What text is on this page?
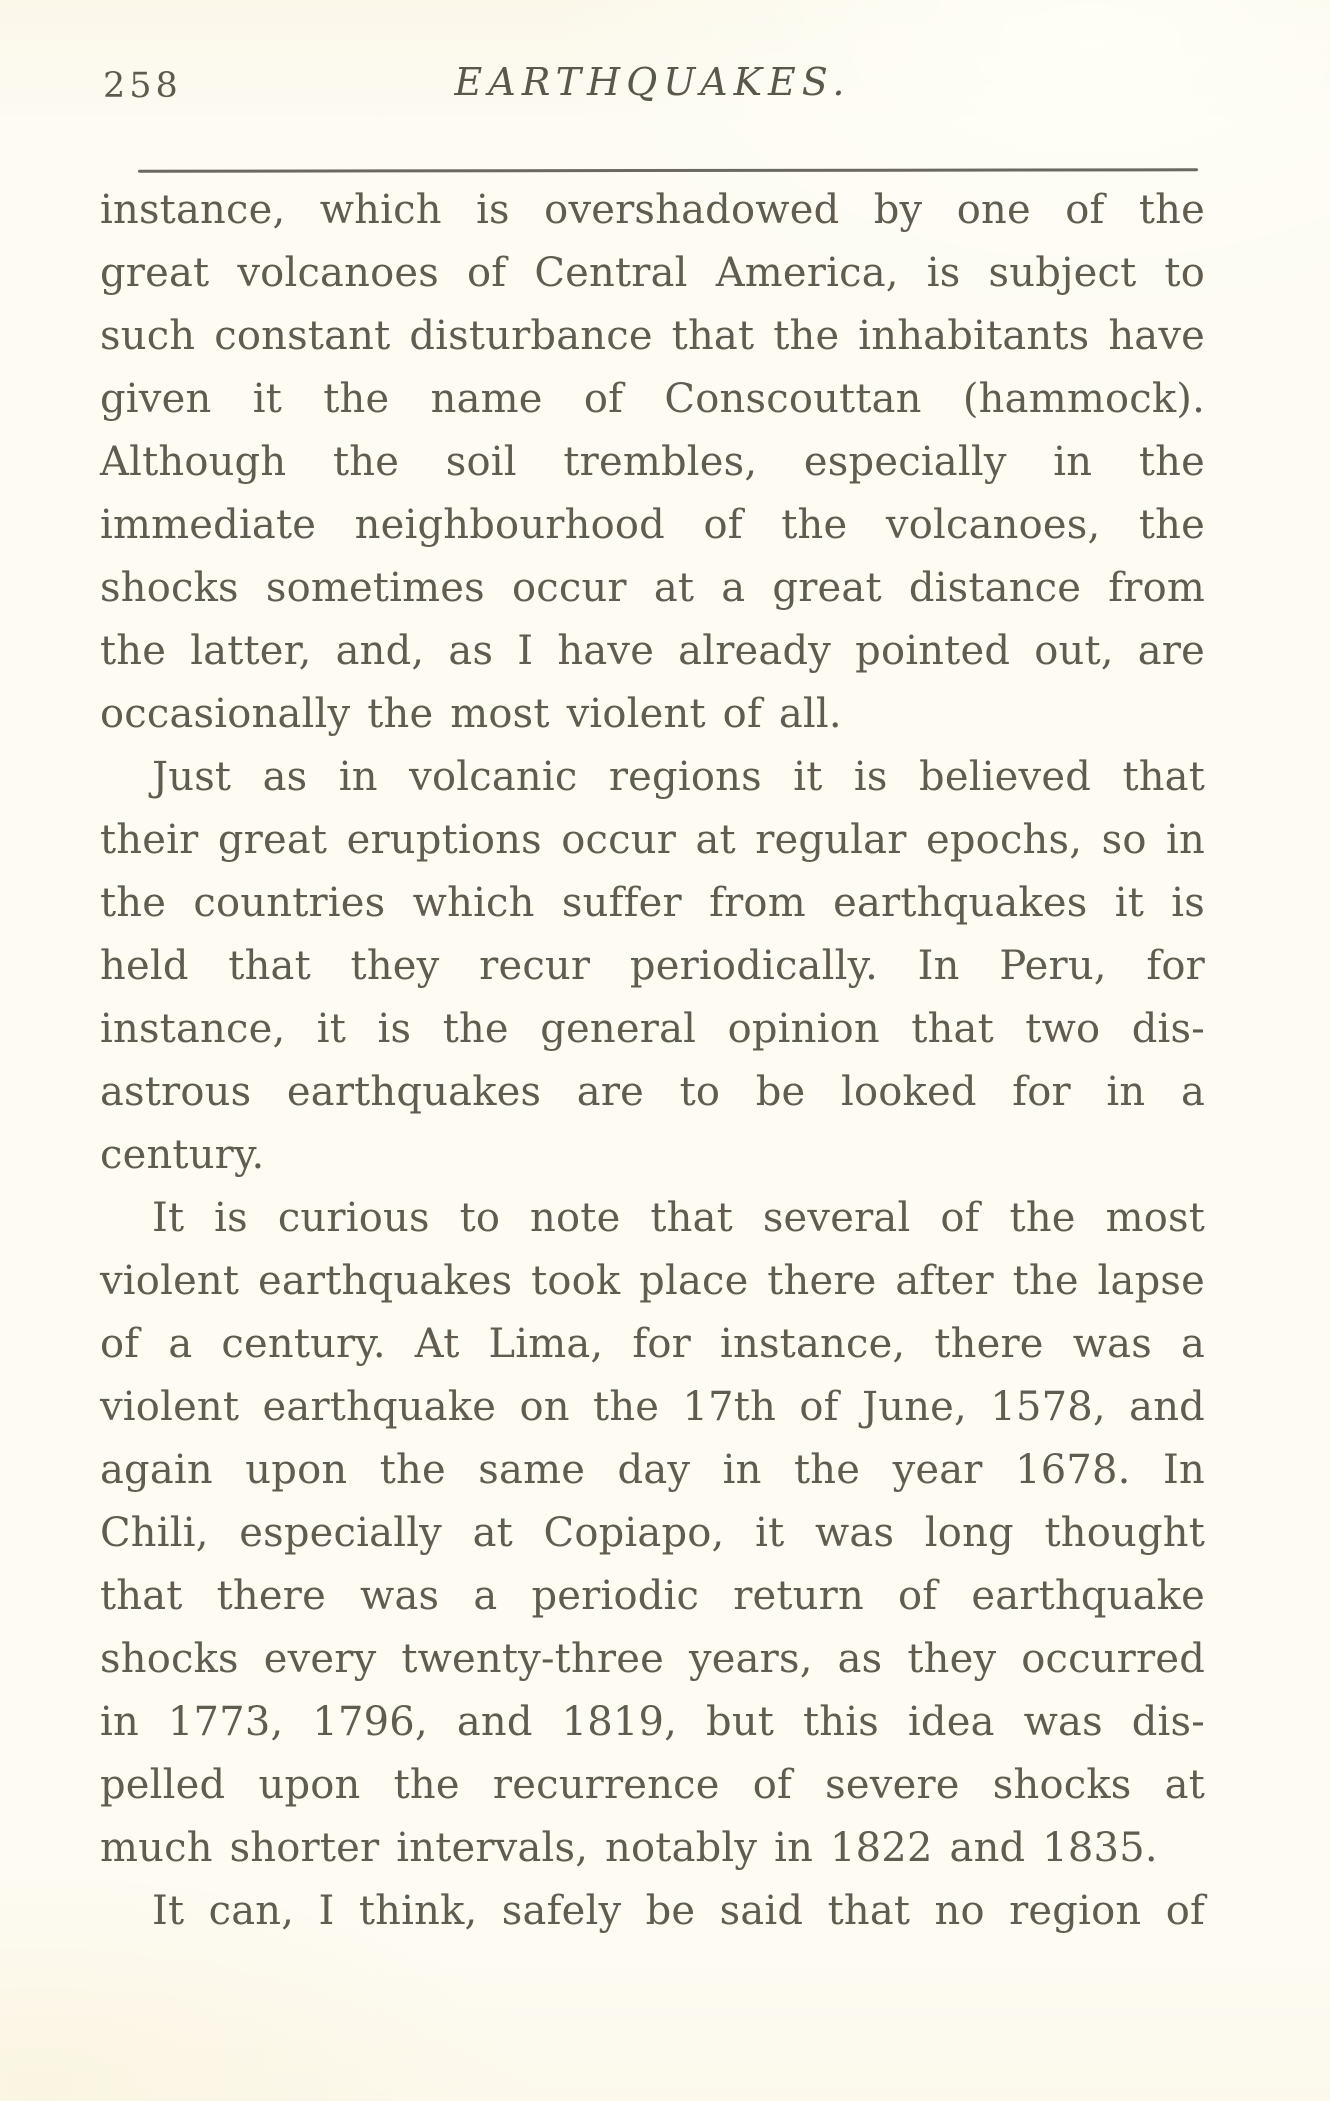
258	EARTHQUAKES.

instance, which is overshadowed by one of the
great volcanoes of Central America, is subject to
such constant disturbance that the inhabitants have
given it the name of Conscouttan (hammock).
Although the soil trembles, especially in the
immediate neighbourhood of the volcanoes, the
shocks sometimes occur at a great distance from
the latter, and, as I have already pointed out, are
occasionally the most violent of all.

Just as in volcanic regions it is believed that
their great eruptions occur at regular epochs, so in
the countries which suffer from earthquakes it is
held that they recur periodically. In Peru, for
instance, it is the general opinion that two dis-
astrous earthquakes are to be looked for in a
century.

It is curious to note that several of the most
violent earthquakes took place there after the lapse
of a century. At Lima, for instance, there was a
violent earthquake on the 17th of June, 1578, and
again upon the same day in the year 1678. In
Chili, especially at Copiapo, it was long thought
that there was a periodic return of earthquake
shocks every twenty-three years, as they occurred
in 1773, 1796, and 1819, but this idea was dis-
pelled upon the recurrence of severe shocks at
much shorter intervals, notably in 1822 and 1835.

It can, I think, safely be said that no region of
